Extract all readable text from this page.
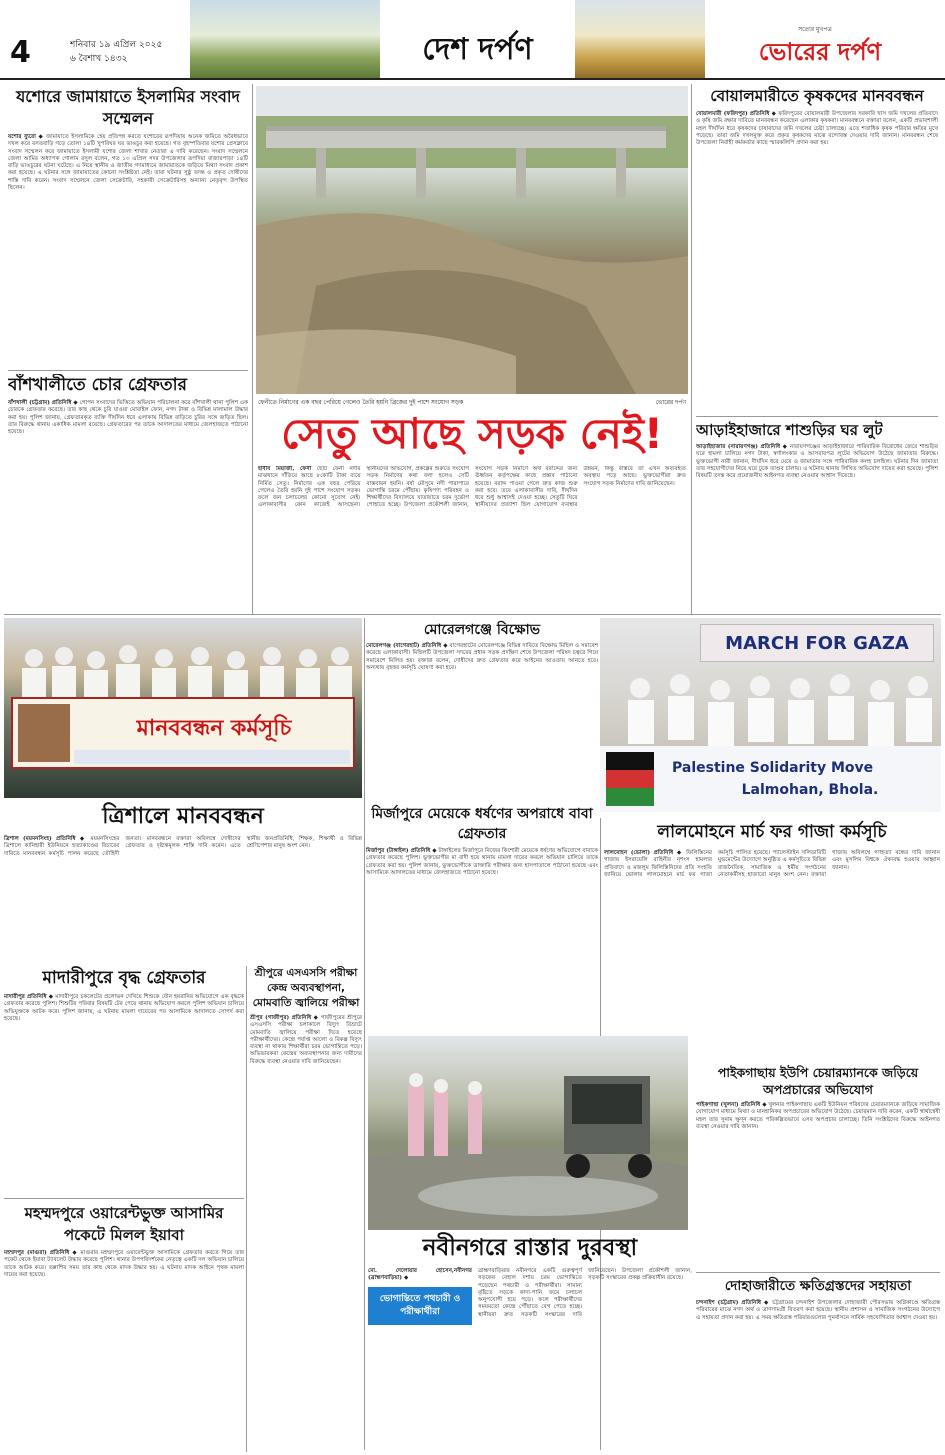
4	শনিবার ১৯ এপ্রিল ২০২৫
৬ বৈশাখ ১৪৩২	দেশ দর্পণ
সত্যের মুখপত্র
ভোরের দর্পণ
যশোরে জামায়াতে ইসলামির সংবাদ সম্মেলন
যশোর ব্যুরো ◆ জামায়াতে ইসলামিকে হেয় প্রতিপন্ন করতে যশোরের রূপদিয়ায় অনেক জমিতে অবৈধভাবে দখল করে বসতবাড়ি গড়ে তোলা ১৪টি খুপরিঘর ঘর ভাঙচুর করা হয়েছে। গত বৃহস্পতিবার যশোর প্রেসক্লাবে সংবাদ সম্মেলন করে জামায়াতে ইসলামী যশোর জেলা শাখার নেতারা এ দাবি করেছেন। সংবাদ সম্মেলনে জেলা আমির অধ্যাপক গোলাম রসুল বলেন, গত ১৩ এপ্রিল সদর উপজেলার রূপদিয়া বাজারপাড়া ১৪টি বাড়ি ভাঙচুরের ঘটনা ঘটেছে। এ নিয়ে স্থানীয় ও জাতীয় গণমাধ্যমে জামায়াতকে জড়িয়ে মিথ্যা সংবাদ প্রকাশ করা হয়েছে। এ ঘটনার সঙ্গে জামায়াতের কোনো সংশ্লিষ্টতা নেই। তারা ঘটনার সুষ্ঠু তদন্ত ও প্রকৃত দোষীদের শাস্তি দাবি করেন। সংবাদ সম্মেলনে জেলা সেক্রেটারি, সহকারী সেক্রেটারিসহ অন্যান্য নেতৃবৃন্দ উপস্থিত ছিলেন।
বাঁশখালীতে চোর গ্রেফতার
বাঁশখালী (চট্টগ্রাম) প্রতিনিধি ◆ গোপন সংবাদের ভিত্তিতে অভিযান পরিচালনা করে বাঁশখালী থানা পুলিশ এক চোরকে গ্রেফতার করেছে। তার কাছ থেকে চুরি যাওয়া মোবাইল ফোন, নগদ টাকা ও বিভিন্ন মালামাল উদ্ধার করা হয়। পুলিশ জানায়, গ্রেফতারকৃত ব্যক্তি দীর্ঘদিন ধরে এলাকায় বিভিন্ন বাড়িতে চুরির সঙ্গে জড়িত ছিল। তার বিরুদ্ধে থানায় একাধিক মামলা রয়েছে। গ্রেফতারের পর তাকে আদালতের মাধ্যমে জেলহাজতে পাঠানো হয়েছে।
ফেনীতে নির্মাণের এক বছর পেরিয়ে গেলেও তৈরি হয়নি ব্রিজের দুই পাশে সংযোগ সড়ক	ভোরের দর্পণ
সেতু আছে সড়ক নেই!
হাবীব মিয়াজী, ফেনী ছোট ফেনী নদীর মাঝখানে দাঁড়িয়ে আছে ৮কোটি টাকা ব্যয়ে নির্মিত সেতু। নির্মাণের এক বছর পেরিয়ে গেলেও তৈরি হয়নি দুই পাশে সংযোগ সড়ক। ফলে জন চলাচলের কোনো সুযোগ নেই। এলাকাবাসীর কোন কাজেই আসছেনা। স্থানীয়দের অভিযোগ, প্রকল্পের শুরুতে সংযোগ সড়ক নির্মাণের কথা বলা হলেও সেটি বাস্তবায়ন হয়নি। বর্ষা মৌসুমে নদী পারাপারে ভোগান্তি চরমে পৌঁছায়। কৃষিপণ্য পরিবহন ও শিক্ষার্থীদের বিদ্যালয়ে যাতায়াতে চরম দুর্ভোগ পোহাতে হচ্ছে। উপজেলা প্রকৌশলী জানান, সংযোগ সড়ক নির্মাণে অর্থ বরাদ্দের জন্য ঊর্ধ্বতন কর্তৃপক্ষের কাছে প্রস্তাব পাঠানো হয়েছে। বরাদ্দ পাওয়া গেলে দ্রুত কাজ শুরু করা হবে। তবে এলাকাবাসীর দাবি, দীর্ঘদিন ধরে শুধু আশ্বাসই দেওয়া হচ্ছে। সেতুটি ঘিরে স্থানীয়দের প্রত্যাশা ছিল যোগাযোগ ব্যবস্থার উন্নয়ন, কিন্তু বাস্তবে তা এখন অব্যবহৃত অবস্থায় পড়ে আছে। ভুক্তভোগীরা দ্রুত সংযোগ সড়ক নির্মাণের দাবি জানিয়েছেন।
বোয়ালমারীতে কৃষকদের মানববন্ধন
বোয়ালমারী (ফরিদপুর) প্রতিনিধি ◆ ফরিদপুরের বোয়ালমারী উপজেলার সরকারি খাস জমি দখলের প্রতিবাদে ও কৃষি জমি রক্ষার দাবিতে মানববন্ধন করেছেন এলাকার কৃষকরা। মানববন্ধনে বক্তারা বলেন, একটি প্রভাবশালী মহল দীর্ঘদিন ধরে কৃষকদের চাষাবাদের জমি দখলের চেষ্টা চালাচ্ছে। এতে শতাধিক কৃষক পরিবার ক্ষতির মুখে পড়েছে। তারা জমি দখলমুক্ত করে প্রকৃত কৃষকদের মাঝে বন্দোবস্ত দেওয়ার দাবি জানান। মানববন্ধন শেষে উপজেলা নির্বাহী কর্মকর্তার কাছে স্মারকলিপি প্রদান করা হয়।
আড়াইহাজারে শাশুড়ির ঘর লুট
আড়াইহাজার (নারায়ণগঞ্জ) প্রতিনিধি ◆ নারায়ণগঞ্জের আড়াইহাজারে পারিবারিক বিরোধের জেরে শাশুড়ির ঘরে হামলা চালিয়ে নগদ টাকা, স্বর্ণালংকার ও আসবাবপত্র লুটের অভিযোগ উঠেছে জামাতার বিরুদ্ধে। ভুক্তভোগী নারী জানান, দীর্ঘদিন ধরে মেয়ে ও জামাতার সঙ্গে পারিবারিক কলহ চলছিল। ঘটনার দিন জামাতা তার সহযোগীদের নিয়ে ঘরে ঢুকে তাণ্ডব চালায়। এ ঘটনায় থানায় লিখিত অভিযোগ দায়ের করা হয়েছে। পুলিশ বিষয়টি তদন্ত করে প্রয়োজনীয় আইনগত ব্যবস্থা নেওয়ার আশ্বাস দিয়েছে।
মানববন্ধন কর্মসূচি
মোরেলগঞ্জে বিক্ষোভ
মোরেলগঞ্জ (বাগেরহাট) প্রতিনিধি ◆ বাগেরহাটের মোরেলগঞ্জে বিভিন্ন দাবিতে বিক্ষোভ মিছিল ও সমাবেশ করেছে এলাকাবাসী। মিছিলটি উপজেলা সদরের প্রধান সড়ক প্রদক্ষিণ শেষে উপজেলা পরিষদ চত্বরে গিয়ে সমাবেশে মিলিত হয়। বক্তারা বলেন, দোষীদের দ্রুত গ্রেফতার করে আইনের আওতায় আনতে হবে। অন্যথায় বৃহত্তর কর্মসূচি ঘোষণা করা হবে।
MARCH FOR GAZA
Palestine Solidarity Move
Lalmohan, Bhola.
ত্রিশালে মানববন্ধন
ত্রিশাল (ময়মনসিংহ) প্রতিনিধি ◆ ময়মনসিংহের ত্রিশালে কানিহারী ইউনিয়নে হত্যাকাণ্ডের বিচারের দাবিতে মানববন্ধন কর্মসূচি পালন করেছে তৌহিদী জনতা। মানববন্ধনে বক্তারা অবিলম্বে দোষীদের গ্রেফতার ও দৃষ্টান্তমূলক শাস্তি দাবি করেন। এতে স্থানীয় জনপ্রতিনিধি, শিক্ষক, শিক্ষার্থী ও বিভিন্ন শ্রেণিপেশার মানুষ অংশ নেন।
মির্জাপুরে মেয়েকে ধর্ষণের অপরাধে বাবা গ্রেফতার
মির্জাপুর (টাঙ্গাইল) প্রতিনিধি ◆ টাঙ্গাইলের মির্জাপুরে নিজের কিশোরী মেয়েকে ধর্ষণের অভিযোগে বাবাকে গ্রেফতার করেছে পুলিশ। ভুক্তভোগীর মা বাদী হয়ে থানায় মামলা দায়ের করলে অভিযান চালিয়ে তাকে গ্রেফতার করা হয়। পুলিশ জানায়, ভুক্তভোগীকে ডাক্তারি পরীক্ষার জন্য হাসপাতালে পাঠানো হয়েছে এবং আসামিকে আদালতের মাধ্যমে জেলহাজতে পাঠানো হয়েছে।
লালমোহনে মার্চ ফর গাজা কর্মসূচি
লালমোহন (ভোলা) প্রতিনিধি ◆ ফিলিস্তিনের গাজায় ইসরায়েলি বাহিনীর নৃশংস হামলার প্রতিবাদে ও মজলুম ফিলিস্তিনিদের প্রতি সংহতি জানিয়ে ভোলার লালমোহনে মার্চ ফর গাজা কর্মসূচি পালিত হয়েছে। প্যালেস্টাইন সলিডারিটি মুভমেন্টের উদ্যোগে অনুষ্ঠিত এ কর্মসূচিতে বিভিন্ন রাজনৈতিক, সামাজিক ও ধর্মীয় সংগঠনের নেতাকর্মীসহ হাজারো মানুষ অংশ নেন। বক্তারা গাজায় অবিলম্বে গণহত্যা বন্ধের দাবি জানান এবং মুসলিম বিশ্বকে ঐক্যবদ্ধ হওয়ার আহ্বান জানান।
মাদারীপুরে বৃদ্ধ গ্রেফতার
মাদারীপুর প্রতিনিধি ◆ মাদারীপুরে চকলেটের প্রলোভন দেখিয়ে শিশুকে যৌন হয়রানির অভিযোগে এক বৃদ্ধকে গ্রেফতার করেছে পুলিশ। শিশুটির পরিবার বিষয়টি টের পেয়ে থানায় অভিযোগ করলে পুলিশ অভিযান চালিয়ে অভিযুক্তকে আটক করে। পুলিশ জানায়, এ ঘটনায় মামলা দায়েরের পর আসামিকে আদালতে সোপর্দ করা হয়েছে।
মহম্মদপুরে ওয়ারেন্টভুক্ত আসামির পকেটে মিলল ইয়াবা
মহম্মদপুর (মাগুরা) প্রতিনিধি ◆ মাগুরার মহম্মদপুরে ওয়ারেন্টভুক্ত আসামিকে গ্রেফতার করতে গিয়ে তার পকেট থেকে ইয়াবা ট্যাবলেট উদ্ধার করেছে পুলিশ। থানার উপপরিদর্শকের নেতৃত্বে একটি দল অভিযান চালিয়ে তাকে আটক করে। তল্লাশির সময় তার কাছ থেকে মাদক উদ্ধার হয়। এ ঘটনায় মাদক আইনে পৃথক মামলা দায়ের করা হয়েছে।
শ্রীপুরে এসএসসি পরীক্ষা কেন্দ্র অব্যবস্থাপনা, মোমবাতি জ্বালিয়ে পরীক্ষা
শ্রীপুর (গাজীপুর) প্রতিনিধি ◆ গাজীপুরের শ্রীপুরে এসএসসি পরীক্ষা চলাকালে বিদ্যুৎ বিভ্রাটে মোমবাতি জ্বালিয়ে পরীক্ষা দিতে হয়েছে পরীক্ষার্থীদের। কেন্দ্রে পর্যাপ্ত আলো ও বিকল্প বিদ্যুৎ ব্যবস্থা না থাকায় শিক্ষার্থীরা চরম ভোগান্তিতে পড়ে। অভিভাবকরা কেন্দ্রের অব্যবস্থাপনার জন্য দায়ীদের বিরুদ্ধে ব্যবস্থা নেওয়ার দাবি জানিয়েছেন।
নবীনগরে রাস্তার দুরবস্থা
মো. দেলোয়ার হোসেন,নবীনগর (ব্রাহ্মণবাড়িয়া) ◆
ভোগান্তিতে পথচারী ও পরীক্ষার্থীরা
ব্রাহ্মণবাড়িয়ার নবীনগরে একটি গুরুত্বপূর্ণ সড়কের বেহাল দশায় চরম ভোগান্তিতে পড়েছেন পথচারী ও পরীক্ষার্থীরা। সামান্য বৃষ্টিতে সড়কে কাদা-পানি জমে চলাচল অনুপযোগী হয়ে পড়ে। ফলে পরীক্ষার্থীদের সময়মতো কেন্দ্রে পৌঁছাতে বেগ পেতে হচ্ছে। স্থানীয়রা দ্রুত সড়কটি সংস্কারের দাবি জানিয়েছেন। উপজেলা প্রকৌশলী জানান, সড়কটি সংস্কারের প্রকল্প প্রক্রিয়াধীন রয়েছে।
পাইকগাছায় ইউপি চেয়ারম্যানকে জড়িয়ে অপপ্রচারের অভিযোগ
পাইকগাছা (খুলনা) প্রতিনিধি ◆ খুলনার পাইকগাছায় একটি ইউনিয়ন পরিষদের চেয়ারম্যানকে জড়িয়ে সামাজিক যোগাযোগ মাধ্যমে মিথ্যা ও মানহানিকর অপপ্রচারের অভিযোগ উঠেছে। চেয়ারম্যান দাবি করেন, একটি স্বার্থান্বেষী মহল তার সুনাম ক্ষুণ্ন করতে পরিকল্পিতভাবে এসব অপপ্রচার চালাচ্ছে। তিনি সংশ্লিষ্টদের বিরুদ্ধে আইনগত ব্যবস্থা নেওয়ার দাবি জানান।
দোহাজারীতে ক্ষতিগ্রস্তদের সহায়তা
চন্দনাইশ (চট্টগ্রাম) প্রতিনিধি ◆ চট্টগ্রামের চন্দনাইশ উপজেলার দোহাজারী পৌরসভায় অগ্নিকাণ্ডে ক্ষতিগ্রস্ত পরিবারের মাঝে নগদ অর্থ ও ত্রাণসামগ্রী বিতরণ করা হয়েছে। স্থানীয় প্রশাসন ও সামাজিক সংগঠনের উদ্যোগে এ সহায়তা প্রদান করা হয়। এ সময় ক্ষতিগ্রস্ত পরিবারগুলোর পুনর্বাসনে সার্বিক সহযোগিতার আশ্বাস দেওয়া হয়।
